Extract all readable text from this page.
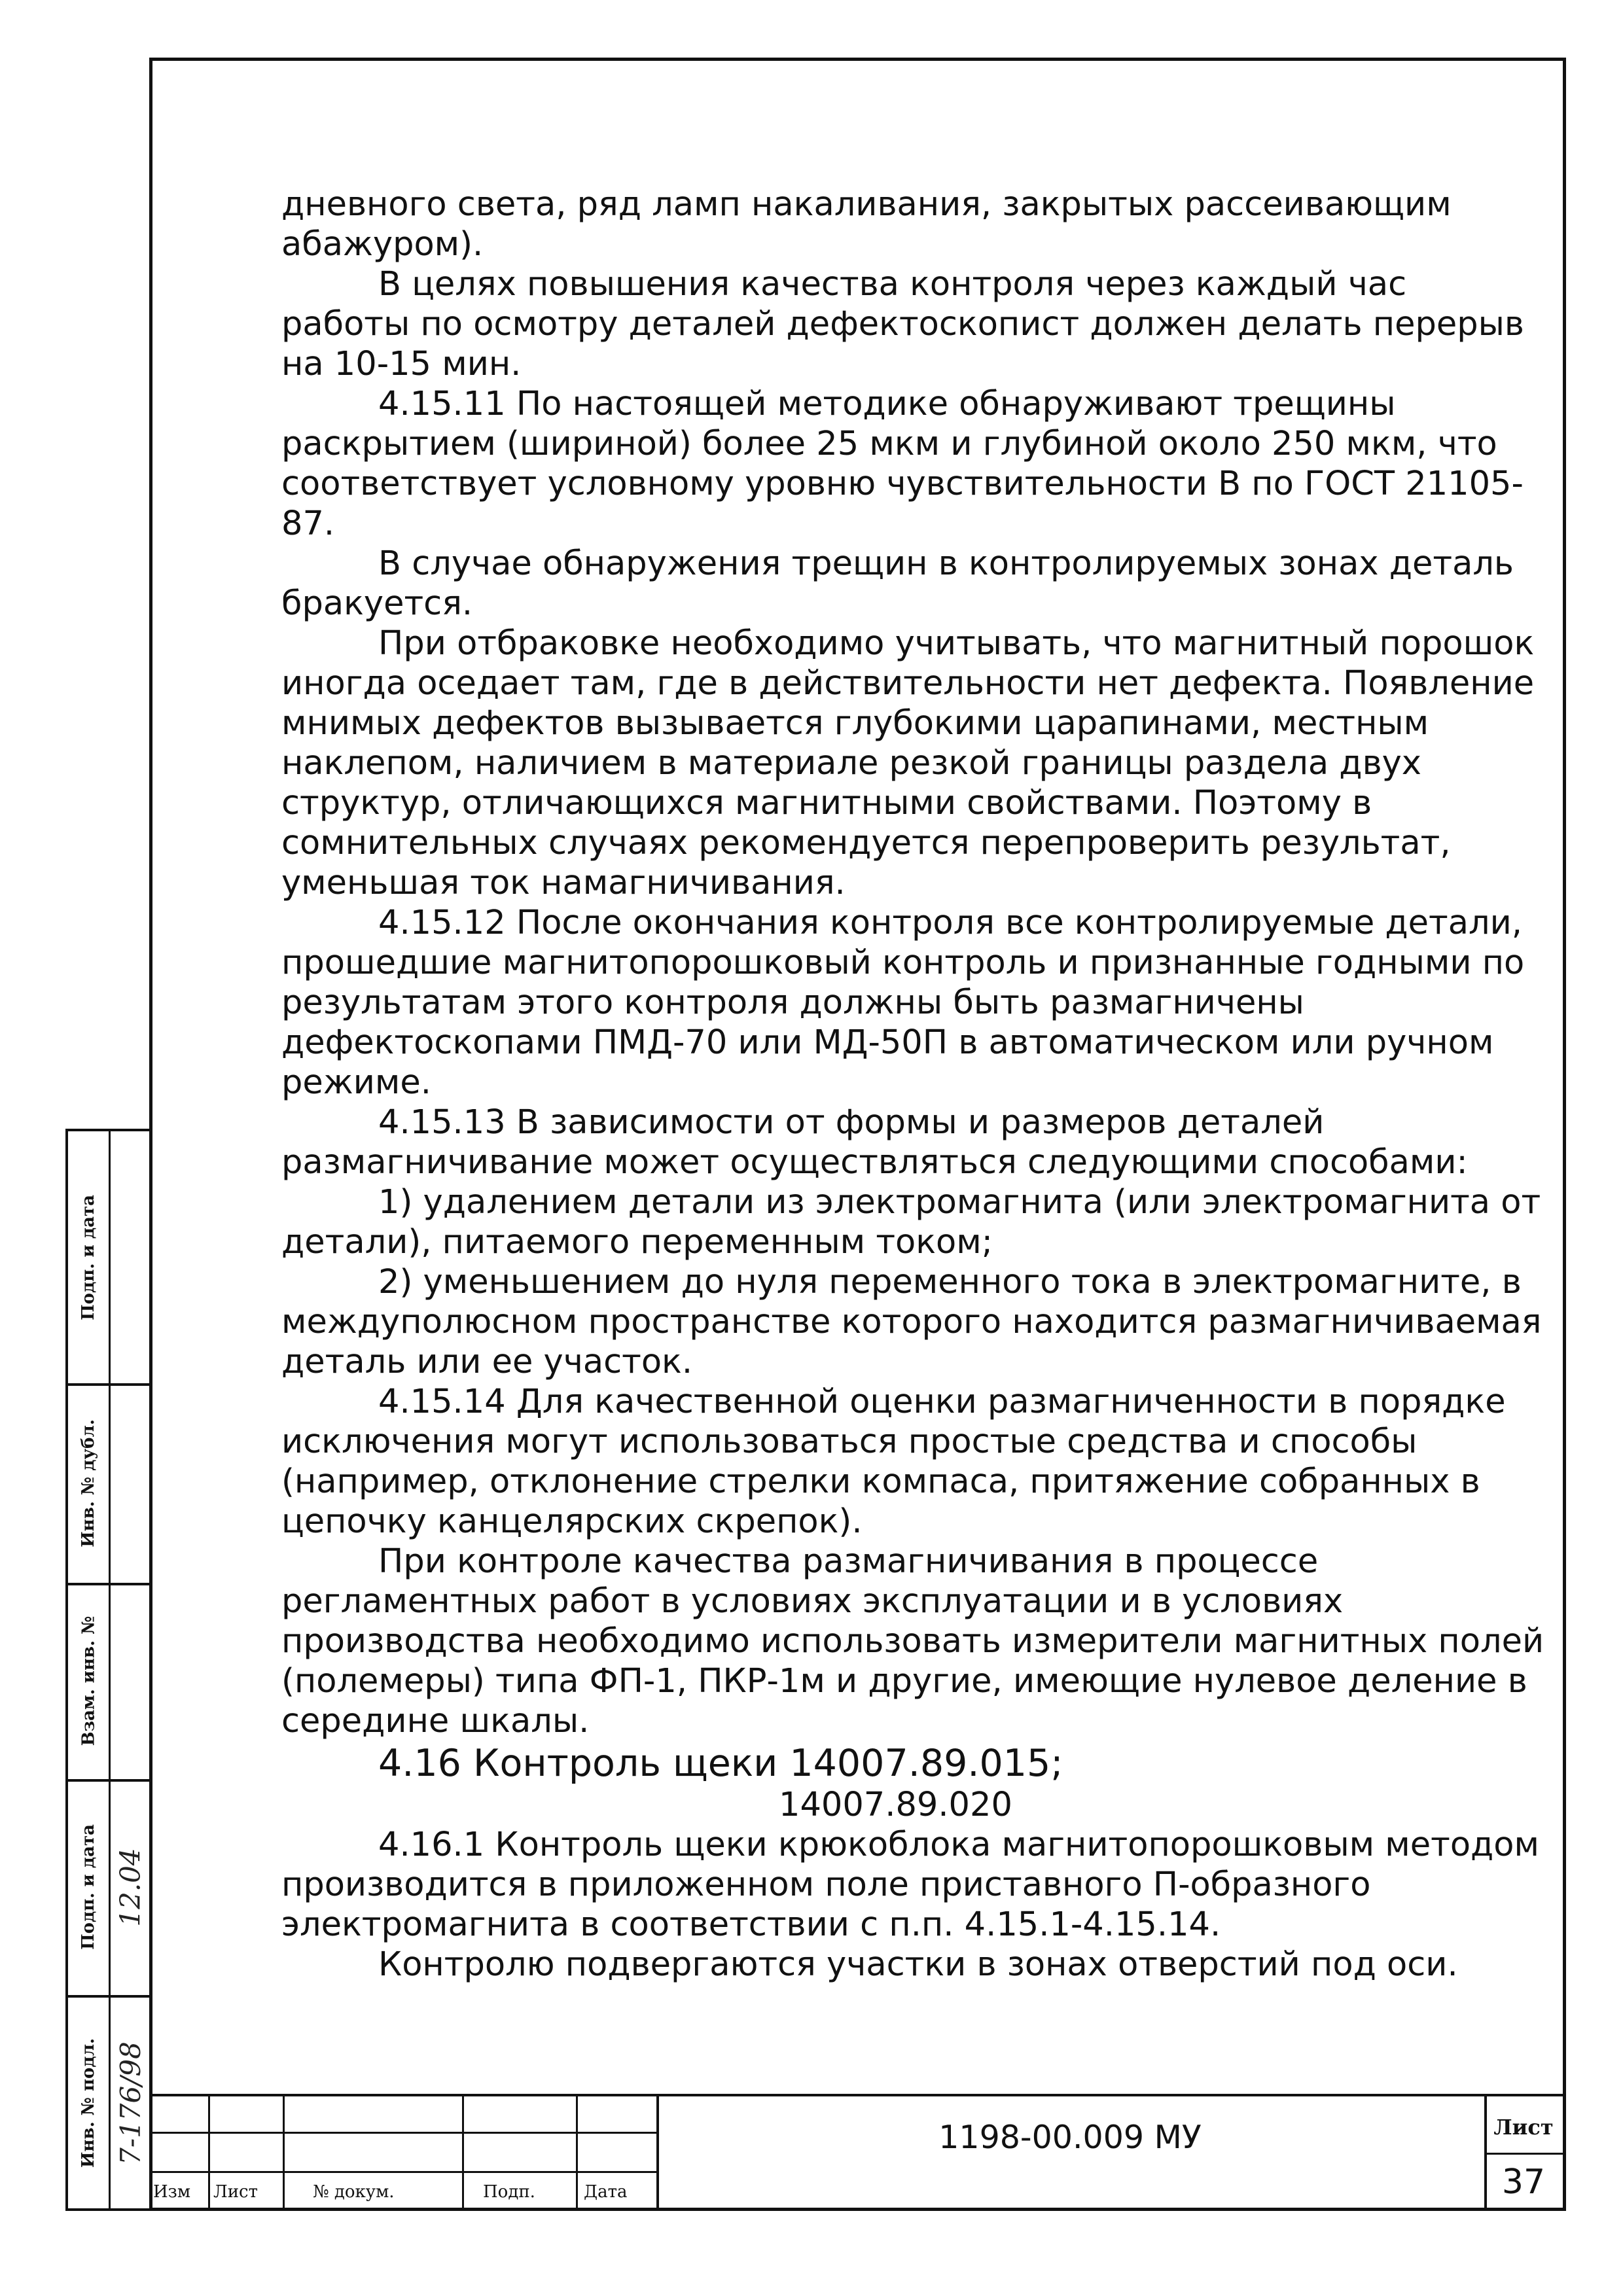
дневного света, ряд ламп накаливания, закрытых рассеивающим абажуром).

В целях повышения качества контроля через каждый час работы по осмотру деталей дефектоскопист должен делать перерыв на 10-15 мин.

4.15.11 По настоящей методике обнаруживают трещины раскрытием (шириной) более 25 мкм и глубиной около 250 мкм, что соответствует условному уровню чувствительности В по ГОСТ 21105-87.

В случае обнаружения трещин в контролируемых зонах деталь бракуется.

При отбраковке необходимо учитывать, что магнитный порошок иногда оседает там, где в действительности нет дефекта. Появление мнимых дефектов вызывается глубокими царапинами, местным наклепом, наличием в материале резкой границы раздела двух структур, отличающихся магнитными свойствами. Поэтому в сомнительных случаях рекомендуется перепроверить результат, уменьшая ток намагничивания.

4.15.12 После окончания контроля все контролируемые детали, прошедшие магнитопорошковый контроль и признанные годными по результатам этого контроля должны быть размагничены дефектоскопами ПМД-70 или МД-50П в автоматическом или ручном режиме.

4.15.13 В зависимости от формы и размеров деталей размагничивание может осуществляться следующими способами:

1) удалением детали из электромагнита (или электромагнита от детали), питаемого переменным током;

2) уменьшением до нуля переменного тока в электромагните, в междуполюсном пространстве которого находится размагничиваемая деталь или ее участок.

4.15.14 Для качественной оценки размагниченности в порядке исключения могут использоваться простые средства и способы (например, отклонение стрелки компаса, притяжение собранных в цепочку канцелярских скрепок).

При контроле качества размагничивания в процессе регламентных работ в условиях эксплуатации и в условиях производства необходимо использовать измерители магнитных полей (полемеры) типа ФП-1, ПКР-1м и другие, имеющие нулевое деление в середине шкалы.

4.16 Контроль щеки 14007.89.015;

14007.89.020

4.16.1 Контроль щеки крюкоблока магнитопорошковым методом производится в приложенном поле приставного П-образного электромагнита в соответствии с п.п. 4.15.1-4.15.14.

Контролю подвергаются участки в зонах отверстий под оси.

Подп. и дата
Инв. № дубл.
Взам. инв. №
Подп. и дата
Инв. № подл.
12.04
7-176/98
Изм Лист	№ докум.	Подп.	Дата
1198-00.009 МУ	Лист
37
